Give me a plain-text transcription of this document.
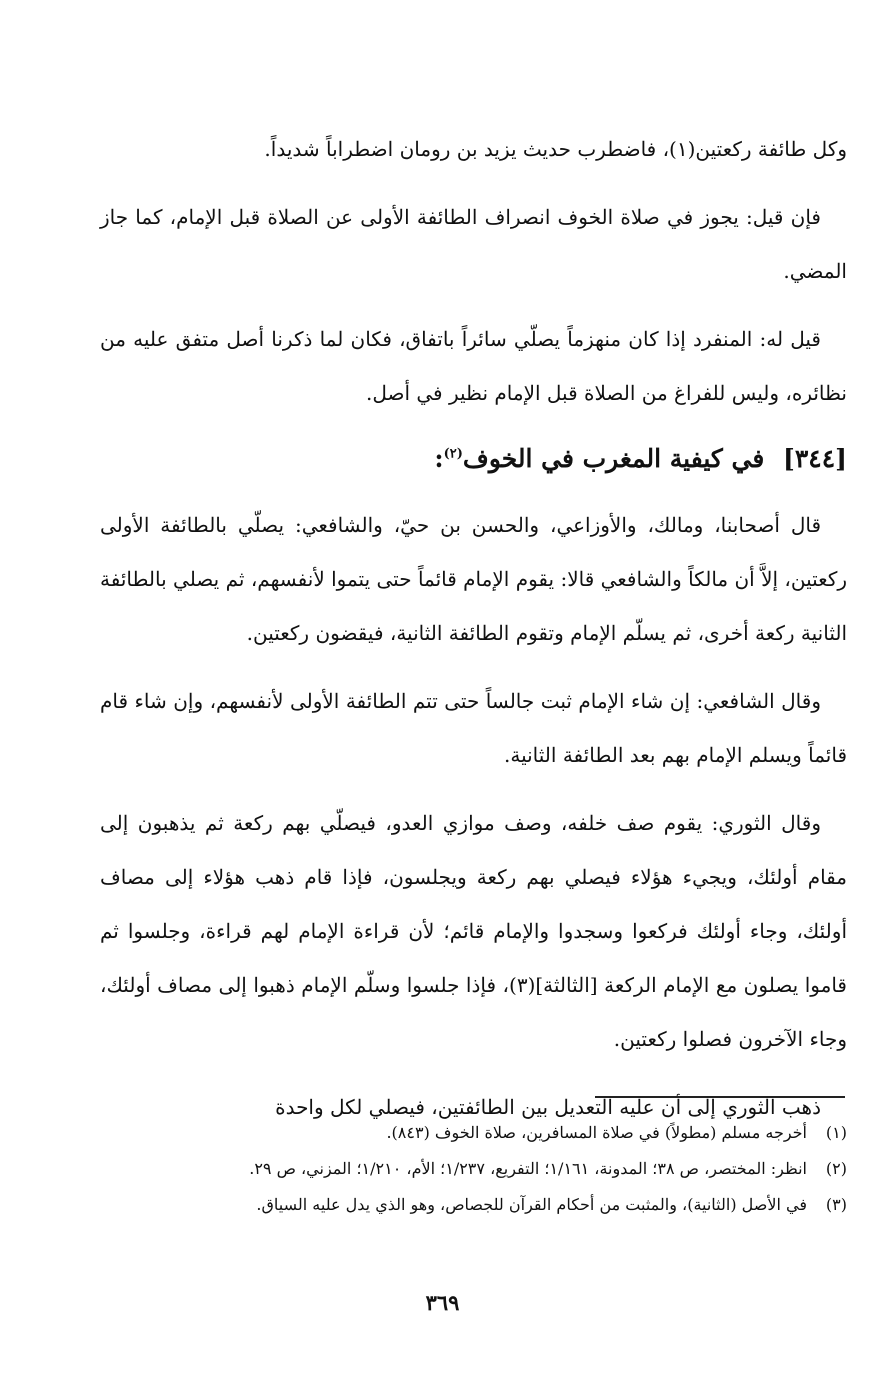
وكل طائفة ركعتين(١)، فاضطرب حديث يزيد بن رومان اضطراباً شديداً.

فإن قيل: يجوز في صلاة الخوف انصراف الطائفة الأولى عن الصلاة قبل الإمام، كما جاز المضي.

قيل له: المنفرد إذا كان منهزماً يصلّي سائراً باتفاق، فكان لما ذكرنا أصل متفق عليه من نظائره، وليس للفراغ من الصلاة قبل الإمام نظير في أصل.

[٣٤٤] في كيفية المغرب في الخوف$^{(٢)}$:

قال أصحابنا، ومالك، والأوزاعي، والحسن بن حيّ، والشافعي: يصلّي بالطائفة الأولى ركعتين، إلاَّ أن مالكاً والشافعي قالا: يقوم الإمام قائماً حتى يتموا لأنفسهم، ثم يصلي بالطائفة الثانية ركعة أخرى، ثم يسلّم الإمام وتقوم الطائفة الثانية، فيقضون ركعتين.

وقال الشافعي: إن شاء الإمام ثبت جالساً حتى تتم الطائفة الأولى لأنفسهم، وإن شاء قام قائماً ويسلم الإمام بهم بعد الطائفة الثانية.

وقال الثوري: يقوم صف خلفه، وصف موازي العدو، فيصلّي بهم ركعة ثم يذهبون إلى مقام أولئك، ويجيء هؤلاء فيصلي بهم ركعة ويجلسون، فإذا قام ذهب هؤلاء إلى مصاف أولئك، وجاء أولئك فركعوا وسجدوا والإمام قائم؛ لأن قراءة الإمام لهم قراءة، وجلسوا ثم قاموا يصلون مع الإمام الركعة [الثالثة](٣)، فإذا جلسوا وسلّم الإمام ذهبوا إلى مصاف أولئك، وجاء الآخرون فصلوا ركعتين.

ذهب الثوري إلى أن عليه التعديل بين الطائفتين، فيصلي لكل واحدة

(١)
أخرجه مسلم (مطولاً) في صلاة المسافرين، صلاة الخوف (٨٤٣).
(٢)
انظر: المختصر، ص ٣٨؛ المدونة، ١/١٦١؛ التفريع، ١/٢٣٧؛ الأم، ١/٢١٠؛ المزني، ص ٢٩.
(٣)
في الأصل (الثانية)، والمثبت من أحكام القرآن للجصاص، وهو الذي يدل عليه السياق.
٣٦٩
